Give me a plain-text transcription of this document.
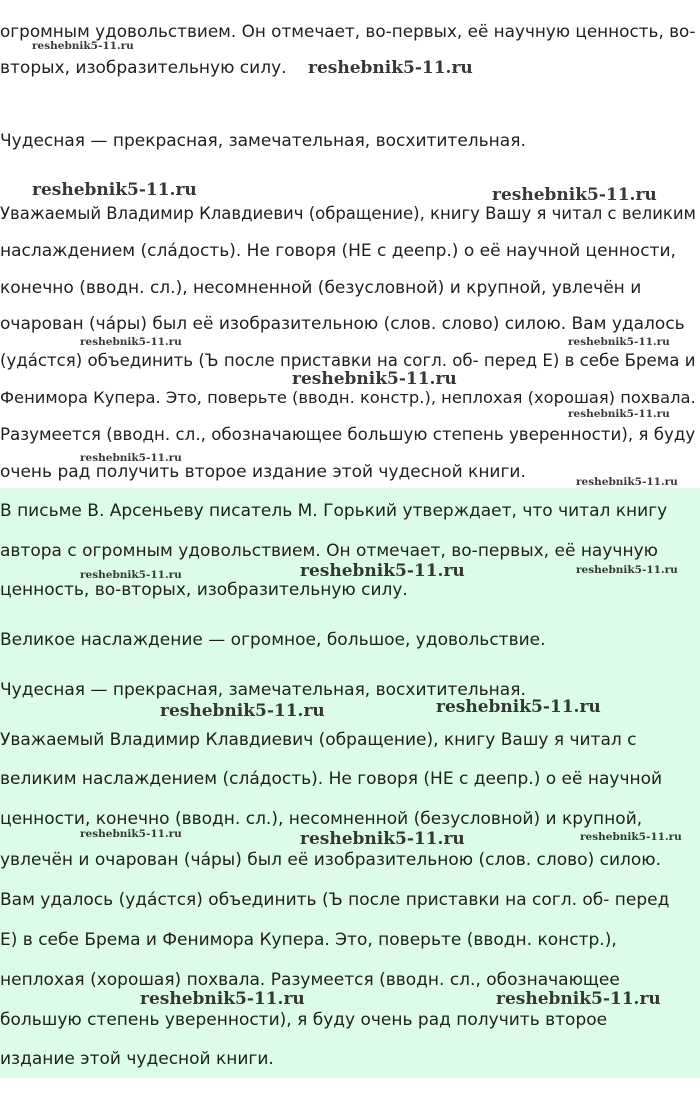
огромным удовольствием. Он отмечает, во-первых, её научную ценность, во-

вторых, изобразительную силу.

Чудесная — прекрасная, замечательная, восхитительная.

Уважаемый Владимир Клавдиевич (обращение), книгу Вашу я читал с великим

наслаждением (сла́дость). Не говоря (НЕ с деепр.) о её научной ценности,

конечно (вводн. сл.), несомненной (безусловной) и крупной, увлечён и

очарован (ча́ры) был её изобразительною (слов. слово) силою. Вам удалось

(уда́стся) объединить (Ъ после приставки на согл. об- перед Е) в себе Брема и

Фенимора Купера. Это, поверьте (вводн. констр.), неплохая (хорошая) похвала.

Разумеется (вводн. сл., обозначающее большую степень уверенности), я буду

очень рад получить второе издание этой чудесной книги.

В письме В. Арсеньеву писатель М. Горький утверждает, что читал книгу

автора с огромным удовольствием. Он отмечает, во-первых, её научную

ценность, во-вторых, изобразительную силу.

Великое наслаждение — огромное, большое, удовольствие.

Чудесная — прекрасная, замечательная, восхитительная.

Уважаемый Владимир Клавдиевич (обращение), книгу Вашу я читал с

великим наслаждением (сла́дость). Не говоря (НЕ с деепр.) о её научной

ценности, конечно (вводн. сл.), несомненной (безусловной) и крупной,

увлечён и очарован (ча́ры) был её изобразительною (слов. слово) силою.

Вам удалось (уда́стся) объединить (Ъ после приставки на согл. об- перед

Е) в себе Брема и Фенимора Купера. Это, поверьте (вводн. констр.),

неплохая (хорошая) похвала. Разумеется (вводн. сл., обозначающее

большую степень уверенности), я буду очень рад получить второе

издание этой чудесной книги.

reshebnik5-11.ru
reshebnik5-11.ru
reshebnik5-11.ru	reshebnik5-11.ru
reshebnik5-11.ru	reshebnik5-11.ru
reshebnik5-11.ru
reshebnik5-11.ru
reshebnik5-11.ru
reshebnik5-11.ru
reshebnik5-11.ru	reshebnik5-11.ru	reshebnik5-11.ru
reshebnik5-11.ru	reshebnik5-11.ru
reshebnik5-11.ru	reshebnik5-11.ru	reshebnik5-11.ru
reshebnik5-11.ru	reshebnik5-11.ru
